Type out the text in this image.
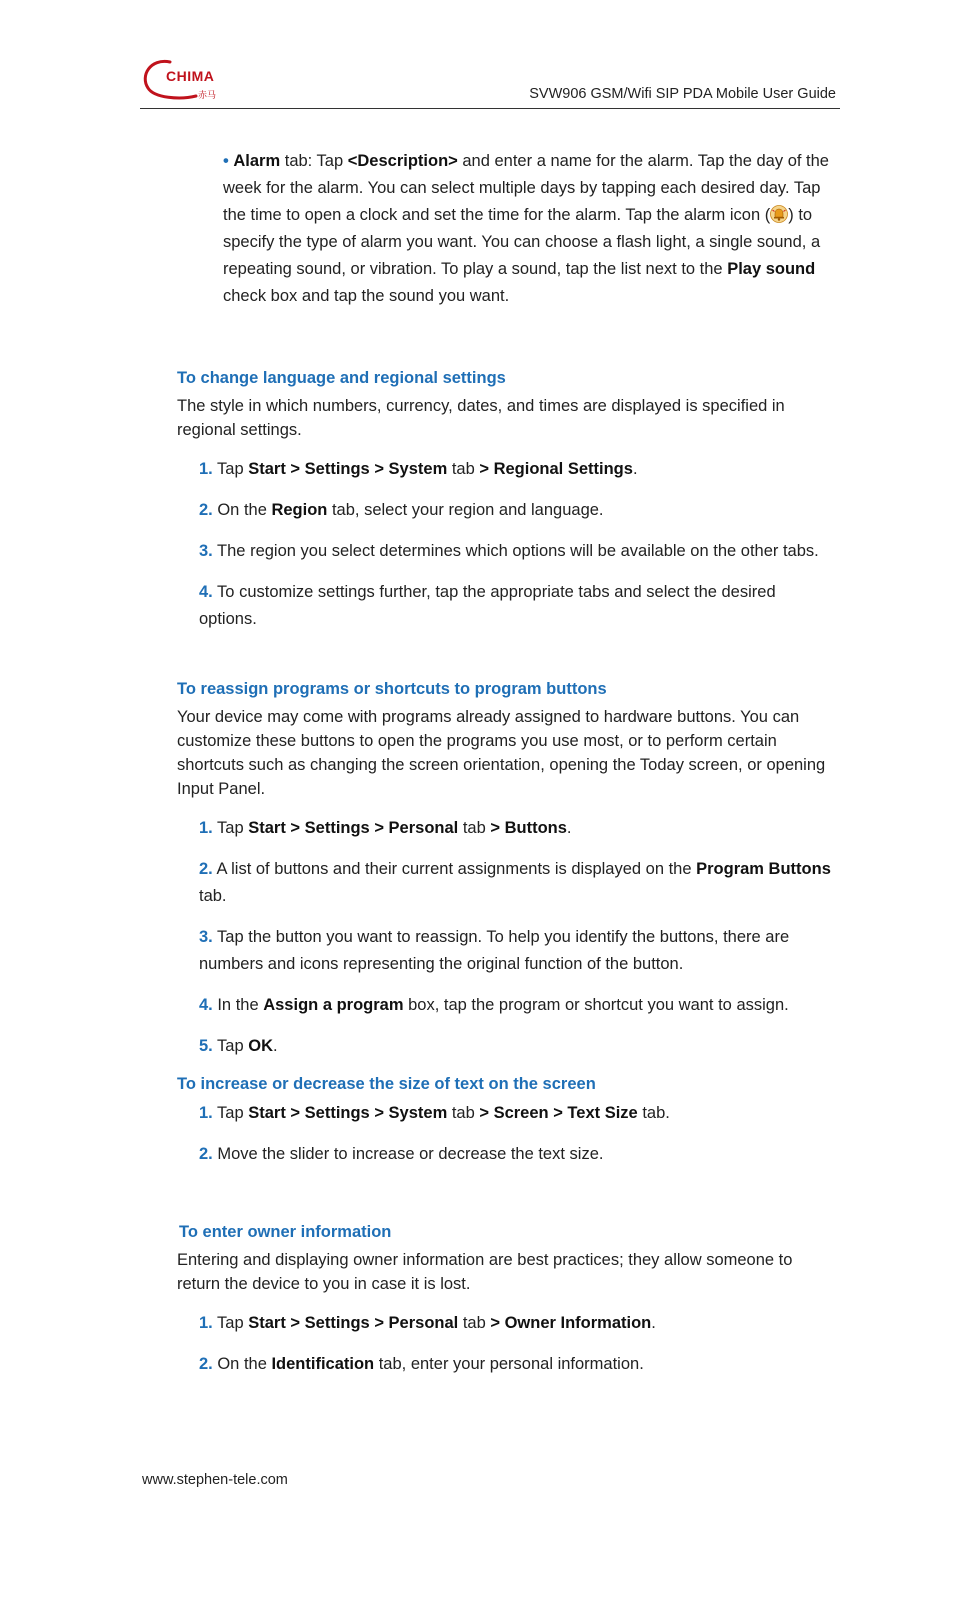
CHIMA
赤马	SVW906 GSM/Wifi SIP PDA Mobile User Guide

• Alarm tab: Tap <Description> and enter a name for the alarm. Tap the day of the week for the alarm. You can select multiple days by tapping each desired day. Tap the time to open a clock and set the time for the alarm. Tap the alarm icon ( ) to specify the type of alarm you want. You can choose a flash light, a single sound, a repeating sound, or vibration. To play a sound, tap the list next to the Play sound check box and tap the sound you want.

To change language and regional settings

The style in which numbers, currency, dates, and times are displayed is specified in regional settings.

1. Tap Start > Settings > System tab > Regional Settings.
2. On the Region tab, select your region and language.
3. The region you select determines which options will be available on the other tabs.
4. To customize settings further, tap the appropriate tabs and select the desired options.
To reassign programs or shortcuts to program buttons

Your device may come with programs already assigned to hardware buttons. You can customize these buttons to open the programs you use most, or to perform certain shortcuts such as changing the screen orientation, opening the Today screen, or opening Input Panel.

1. Tap Start > Settings > Personal tab > Buttons.
2. A list of buttons and their current assignments is displayed on the Program Buttons tab.
3. Tap the button you want to reassign. To help you identify the buttons, there are numbers and icons representing the original function of the button.
4. In the Assign a program box, tap the program or shortcut you want to assign.
5. Tap OK.
To increase or decrease the size of text on the screen
1. Tap Start > Settings > System tab > Screen > Text Size tab.
2. Move the slider to increase or decrease the text size.
To enter owner information

Entering and displaying owner information are best practices; they allow someone to return the device to you in case it is lost.

1. Tap Start > Settings > Personal tab > Owner Information.
2. On the Identification tab, enter your personal information.
www.stephen-tele.com
